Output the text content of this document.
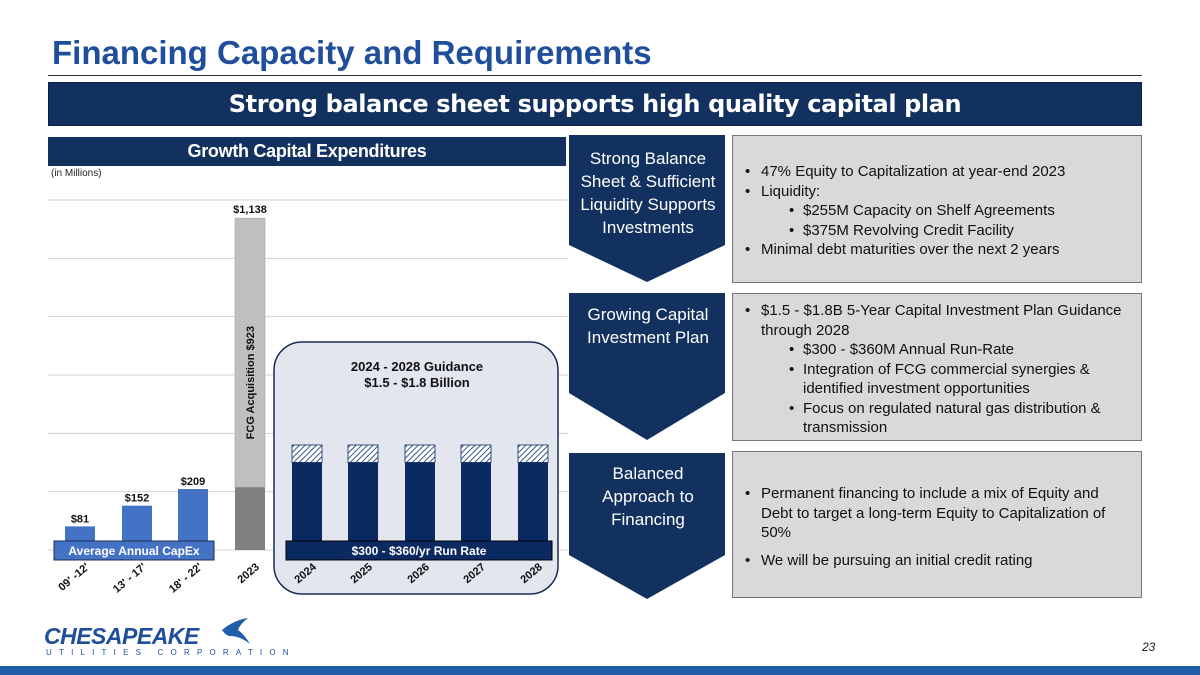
Financing Capacity and Requirements
Strong balance sheet supports high quality capital plan
Growth Capital Expenditures
(in Millions)
$81
$152
$209
$1,138
FCG Acquisition $923	2024 - 2028 Guidance
$1.5 - $1.8 Billion
Average Annual CapEx	$300 - $360/yr Run Rate
09' -12' 13' - 17' 18' - 22'	2023	2024	2025	2026	2027	2028
Strong Balance
Sheet & Sufficient
Liquidity Supports
Investments
Growing Capital
Investment Plan
Balanced
Approach to
Financing
• 47% Equity to Capitalization at year-end 2023
• Liquidity:
• $255M Capacity on Shelf Agreements
• $375M Revolving Credit Facility
• Minimal debt maturities over the next 2 years
• $1.5 - $1.8B 5-Year Capital Investment Plan Guidance through 2028
• $300 - $360M Annual Run-Rate
• Integration of FCG commercial synergies & identified investment opportunities
• Focus on regulated natural gas distribution & transmission
• Permanent financing to include a mix of Equity and Debt to target a long-term Equity to Capitalization of 50%
• We will be pursuing an initial credit rating
CHESAPEAKE
UTILITIES CORPORATION	23
